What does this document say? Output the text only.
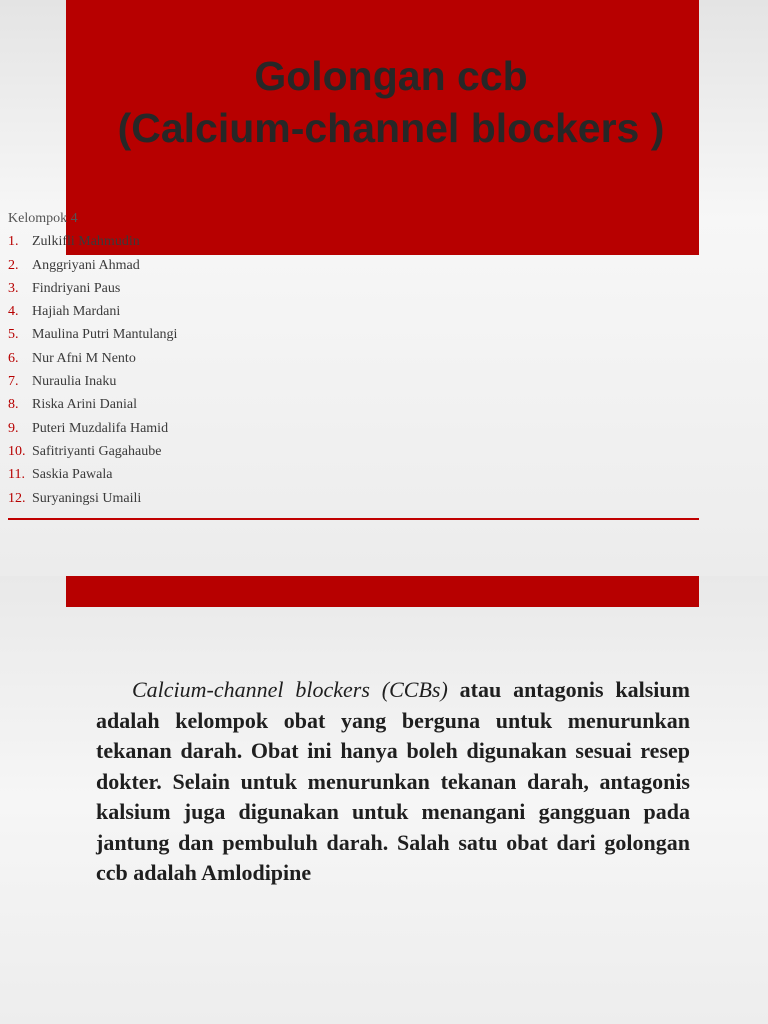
Golongan ccb
(Calcium-channel blockers )
Kelompok 4
1. Zulkifli Mahmudin
2. Anggriyani Ahmad
3. Findriyani Paus
4. Hajiah Mardani
5. Maulina Putri Mantulangi
6. Nur Afni M Nento
7. Nuraulia Inaku
8. Riska Arini Danial
9. Puteri Muzdalifa Hamid
10. Safitriyanti Gagahaube
11. Saskia Pawala
12. Suryaningsi Umaili

Calcium-channel blockers (CCBs) atau antagonis kalsium adalah kelompok obat yang berguna untuk menurunkan tekanan darah. Obat ini hanya boleh digunakan sesuai resep dokter. Selain untuk menurunkan tekanan darah, antagonis kalsium juga digunakan untuk menangani gangguan pada jantung dan pembuluh darah. Salah satu obat dari golongan ccb adalah Amlodipine
